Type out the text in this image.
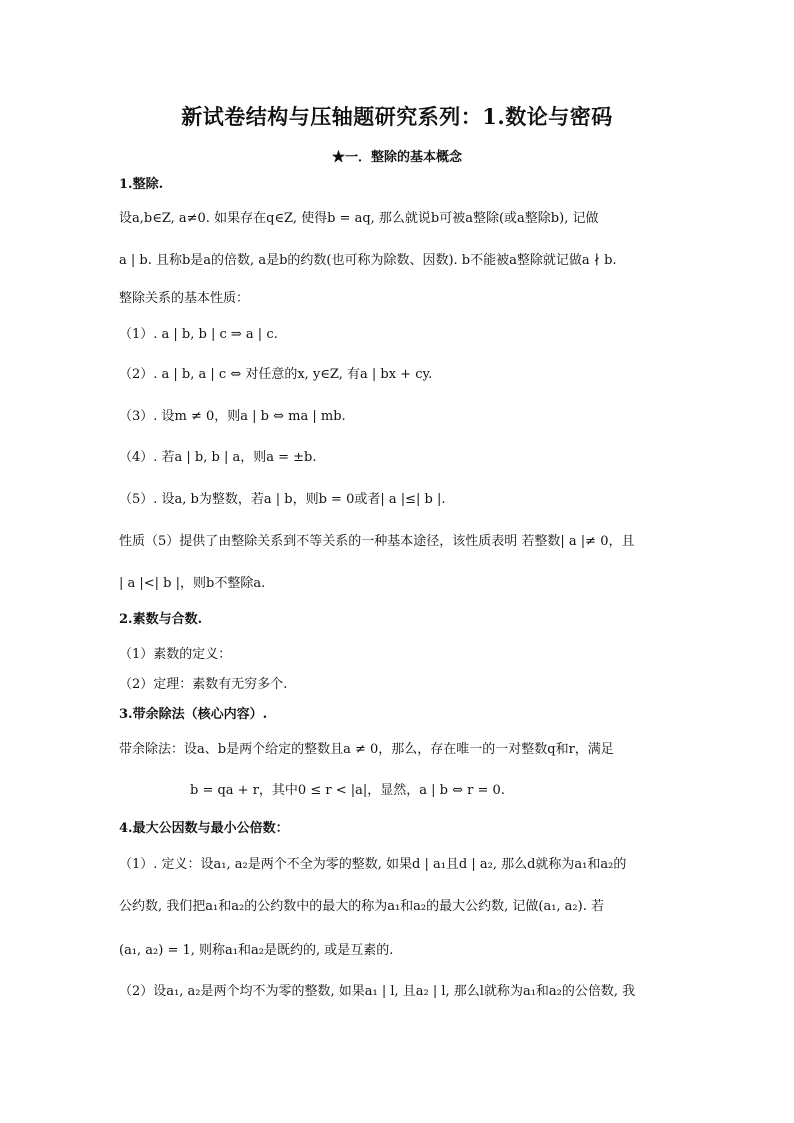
新试卷结构与压轴题研究系列：1.数论与密码
★一．整除的基本概念

1.整除.

设a,b∈Z, a≠0. 如果存在q∈Z, 使得b = aq, 那么就说b可被a整除(或a整除b), 记做

a | b. 且称b是a的倍数, a是b的约数(也可称为除数、因数). b不能被a整除就记做a ∤ b.

整除关系的基本性质：

（1）. a | b, b | c ⇒ a | c.

（2）. a | b, a | c ⇔ 对任意的x, y∈Z, 有a | bx + cy.

（3）. 设m ≠ 0，则a | b ⇔ ma | mb.

（4）. 若a | b, b | a，则a = ±b.

（5）. 设a, b为整数，若a | b，则b = 0或者| a |≤| b |.

性质（5）提供了由整除关系到不等关系的一种基本途径，该性质表明 若整数| a |≠ 0，且

| a |<| b |，则b不整除a.

2.素数与合数.

（1）素数的定义：

（2）定理：素数有无穷多个.

3.带余除法（核心内容）.

带余除法：设a、b是两个给定的整数且a ≠ 0，那么，存在唯一的一对整数q和r，满足

b = qa + r，其中0 ≤ r < |a|，显然，a | b ⇔ r = 0.

4.最大公因数与最小公倍数：

（1）. 定义：设a₁, a₂是两个不全为零的整数, 如果d | a₁且d | a₂, 那么d就称为a₁和a₂的

公约数, 我们把a₁和a₂的公约数中的最大的称为a₁和a₂的最大公约数, 记做(a₁, a₂). 若

(a₁, a₂) = 1, 则称a₁和a₂是既约的, 或是互素的.

（2）设a₁, a₂是两个均不为零的整数, 如果a₁ | l, 且a₂ | l, 那么l就称为a₁和a₂的公倍数, 我
